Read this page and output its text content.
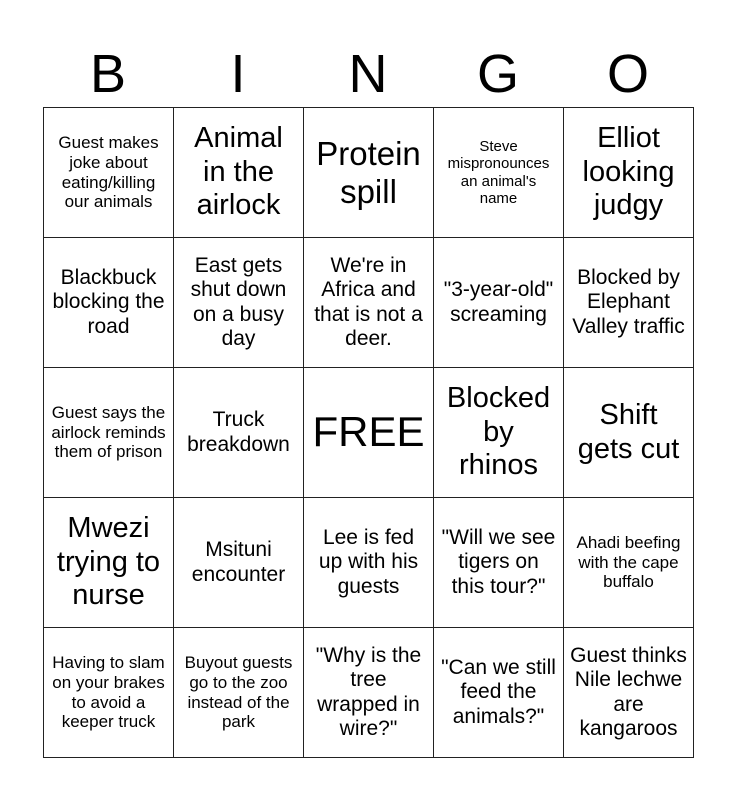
B	I	N	G	O
Guest makes joke about eating/killing our animals	Animal in the airlock	Protein spill	Steve mispronounces an animal's name	Elliot looking judgy
Blackbuck blocking the road	East gets shut down on a busy day	We're in Africa and that is not a deer.	"3-year-old" screaming	Blocked by Elephant Valley traffic
Guest says the airlock reminds them of prison	Truck breakdown	FREE	Blocked by rhinos	Shift gets cut
Mwezi trying to nurse	Msituni encounter	Lee is fed up with his guests	"Will we see tigers on this tour?"	Ahadi beefing with the cape buffalo
Having to slam on your brakes to avoid a keeper truck	Buyout guests go to the zoo instead of the park	"Why is the tree wrapped in wire?"	"Can we still feed the animals?"	Guest thinks Nile lechwe are kangaroos
